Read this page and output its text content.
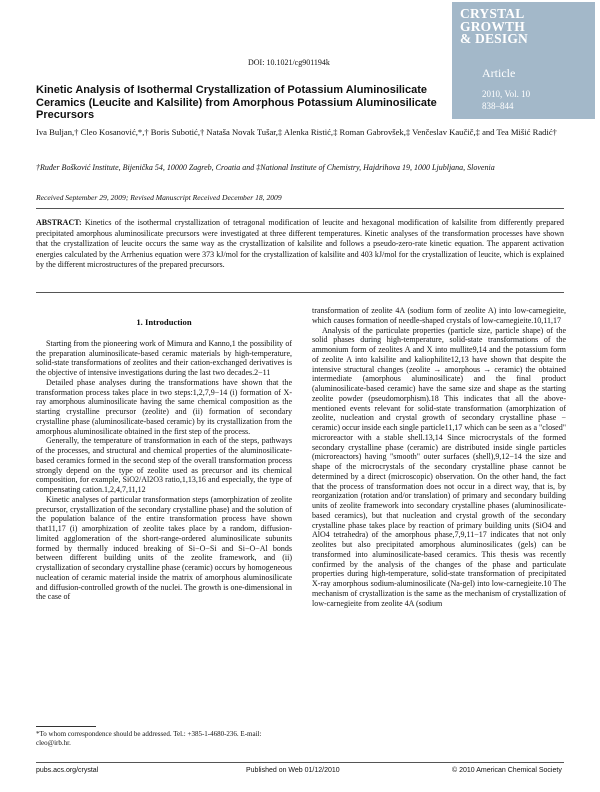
DOI: 10.1021/cg901194k
CRYSTAL
GROWTH
& DESIGN
Article
2010, Vol. 10
838–844
Kinetic Analysis of Isothermal Crystallization of Potassium Aluminosilicate Ceramics (Leucite and Kalsilite) from Amorphous Potassium Aluminosilicate Precursors
Iva Buljan,† Cleo Kosanović,*,† Boris Subotić,† Nataša Novak Tušar,‡ Alenka Ristić,‡ Roman Gabrovšek,‡ Venčeslav Kaučič,‡ and Tea Mišić Radić†
†Ruđer Bošković Institute, Bijenička 54, 10000 Zagreb, Croatia and ‡National Institute of Chemistry, Hajdrihova 19, 1000 Ljubljana, Slovenia
Received September 29, 2009; Revised Manuscript Received December 18, 2009
ABSTRACT: Kinetics of the isothermal crystallization of tetragonal modification of leucite and hexagonal modification of kalsilite from differently prepared precipitated amorphous aluminosilicate precursors were investigated at three different temperatures. Kinetic analyses of the transformation processes have shown that the crystallization of leucite occurs the same way as the crystallization of kalsilite and follows a pseudo-zero-rate kinetic equation. The apparent activation energies calculated by the Arrhenius equation were 373 kJ/mol for the crystallization of kalsilite and 403 kJ/mol for the crystallization of leucite, which is explained by the different microstructures of the prepared precursors.
1. Introduction

Starting from the pioneering work of Mimura and Kanno,1 the possibility of the preparation aluminosilicate-based ceramic materials by high-temperature, solid-state transformations of zeolites and their cation-exchanged derivatives is the objective of intensive investigations during the last two decades.2−11

Detailed phase analyses during the transformations have shown that the transformation process takes place in two steps:1,2,7,9−14 (i) formation of X-ray amorphous aluminosilicate having the same chemical composition as the starting crystalline precursor (zeolite) and (ii) formation of secondary crystalline phase (aluminosilicate-based ceramic) by its crystallization from the amorphous aluminosilicate obtained in the first step of the process.

Generally, the temperature of transformation in each of the steps, pathways of the processes, and structural and chemical properties of the aluminosilicate-based ceramics formed in the second step of the overall transformation process strongly depend on the type of zeolite used as precursor and its chemical composition, for example, SiO2/Al2O3 ratio,1,13,16 and especially, the type of compensating cation.1,2,4,7,11,12

Kinetic analyses of particular transformation steps (amorphization of zeolite precursor, crystallization of the secondary crystalline phase) and the solution of the population balance of the entire transformation process have shown that11,17 (i) amorphization of zeolite takes place by a random, diffusion-limited agglomeration of the short-range-ordered aluminosilicate subunits formed by thermally induced breaking of Si−O−Si and Si−O−Al bonds between different building units of the zeolite framework, and (ii) crystallization of secondary crystalline phase (ceramic) occurs by homogeneous nucleation of ceramic material inside the matrix of amorphous aluminosilicate and diffusion-controlled growth of the nuclei. The growth is one-dimensional in the case of

transformation of zeolite 4A (sodium form of zeolite A) into low-carnegieite, which causes formation of needle-shaped crystals of low-carnegieite.10,11,17

Analysis of the particulate properties (particle size, particle shape) of the solid phases during high-temperature, solid-state transformations of the ammonium form of zeolites A and X into mullite9,14 and the potassium form of zeolite A into kalsilite and kaliophilite12,13 have shown that despite the intensive structural changes (zeolite → amorphous → ceramic) the obtained intermediate (amorphous aluminosilicate) and the final product (aluminosilicate-based ceramic) have the same size and shape as the starting zeolite powder (pseudomorphism).18 This indicates that all the above-mentioned events relevant for solid-state transformation (amorphization of zeolite, nucleation and crystal growth of secondary crystalline phase − ceramic) occur inside each single particle11,17 which can be seen as a "closed" microreactor with a stable shell.13,14 Since microcrystals of the formed secondary crystalline phase (ceramic) are distributed inside single particles (microreactors) having "smooth" outer surfaces (shell),9,12−14 the size and shape of the microcrystals of the secondary crystalline phase cannot be determined by a direct (microscopic) observation. On the other hand, the fact that the process of transformation does not occur in a direct way, that is, by reorganization (rotation and/or translation) of primary and secondary building units of zeolite framework into secondary crystalline phases (aluminosilicate-based ceramics), but that nucleation and crystal growth of the secondary crystalline phase takes place by reaction of primary building units (SiO4 and AlO4 tetrahedra) of the amorphous phase,7,9,11−17 indicates that not only zeolites but also precipitated amorphous aluminosilicates (gels) can be transformed into aluminosilicate-based ceramics. This thesis was recently confirmed by the analysis of the changes of the phase and particulate properties during high-temperature, solid-state transformation of precipitated X-ray amorphous sodium-aluminosilicate (Na-gel) into low-carnegieite.10 The mechanism of crystallization is the same as the mechanism of crystallization of low-carnegieite from zeolite 4A (sodium

*To whom correspondence should be addressed. Tel.: +385-1-4680-236. E-mail: cleo@irb.hr.
pubs.acs.org/crystal	Published on Web 01/12/2010	© 2010 American Chemical Society
